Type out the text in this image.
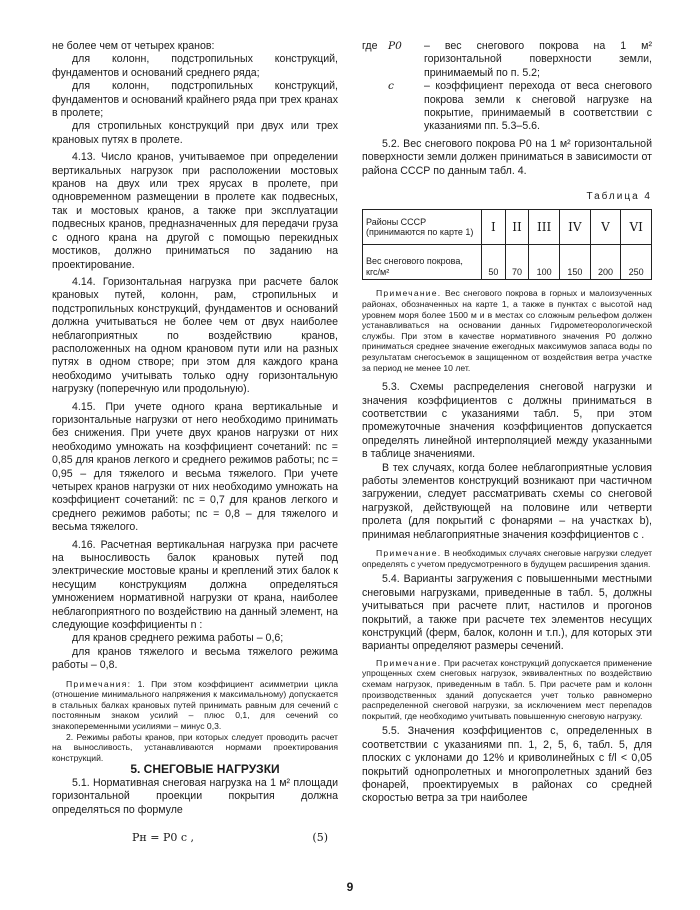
не более чем от четырех кранов:

для колонн, подстропильных конструкций, фундаментов и оснований среднего ряда;

для колонн, подстропильных конструкций, фундаментов и оснований крайнего ряда при трех кранах в пролете;

для стропильных конструкций при двух или трех крановых путях в пролете.

4.13. Число кранов, учитываемое при определении вертикальных нагрузок при расположении мостовых кранов на двух или трех ярусах в пролете, при одновременном размещении в пролете как подвесных, так и мостовых кранов, а также при эксплуатации подвесных кранов, предназначенных для передачи груза с одного крана на другой с помощью перекидных мостиков, должно приниматься по заданию на проектирование.

4.14. Горизонтальная нагрузка при расчете балок крановых путей, колонн, рам, стропильных и подстропильных конструкций, фундаментов и оснований должна учитываться не более чем от двух наиболее неблагоприятных по воздействию кранов, расположенных на одном крановом пути или на разных путях в одном створе; при этом для каждого крана необходимо учитывать только одну горизонтальную нагрузку (поперечную или продольную).

4.15. При учете одного крана вертикальные и горизонтальные нагрузки от него необходимо принимать без снижения. При учете двух кранов нагрузки от них необходимо умножать на коэффициент сочетаний: nc = 0,85 для кранов легкого и среднего режимов работы; nc = 0,95 – для тяжелого и весьма тяжелого. При учете четырех кранов нагрузки от них необходимо умножать на коэффициент сочетаний: nc = 0,7 для кранов легкого и среднего режимов работы; nc = 0,8 – для тяжелого и весьма тяжелого.

4.16. Расчетная вертикальная нагрузка при расчете на выносливость балок крановых путей под электрические мостовые краны и креплений этих балок к несущим конструкциям должна определяться умножением нормативной нагрузки от крана, наиболее неблагоприятного по воздействию на данный элемент, на следующие коэффициенты n :

для кранов среднего режима работы – 0,6;

для кранов тяжелого и весьма тяжелого режима работы – 0,8.

Примечания: 1. При этом коэффициент асимметрии цикла (отношение минимального напряжения к максимальному) допускается в стальных балках крановых путей принимать равным для сечений с постоянным знаком усилий – плюс 0,1, для сечений со знакопеременными усилиями – минус 0,3.

2. Режимы работы кранов, при которых следует проводить расчет на выносливость, устанавливаются нормами проектирования конструкций.

5. СНЕГОВЫЕ НАГРУЗКИ

5.1. Нормативная снеговая нагрузка на 1 м² площади горизонтальной проекции покрытия должна определяться по формуле

Pн = P0 c ,	(5)
где P0	– вес снегового покрова на 1 м² горизонтальной поверхности земли, принимаемый по п. 5.2;
c	– коэффициент перехода от веса снегового покрова земли к снеговой нагрузке на покрытие, принимаемый в соответствии с указаниями пп. 5.3–5.6.

5.2. Вес снегового покрова P0 на 1 м² горизонтальной поверхности земли должен приниматься в зависимости от района СССР по данным табл. 4.

Таблица 4
Районы СССР (принимаются по карте 1)	I	II	III	IV	V	VI
Вес снегового покрова, кгс/м²	50	70	100	150	200	250

Примечание. Вес снегового покрова в горных и малоизученных районах, обозначенных на карте 1, а также в пунктах с высотой над уровнем моря более 1500 м и в местах со сложным рельефом должен устанавливаться на основании данных Гидрометеорологической службы. При этом в качестве нормативного значения P0 должно приниматься среднее значение ежегодных максимумов запаса воды по результатам снегосъемок в защищенном от воздействия ветра участке за период не менее 10 лет.

5.3. Схемы распределения снеговой нагрузки и значения коэффициентов c должны приниматься в соответствии с указаниями табл. 5, при этом промежуточные значения коэффициентов допускается определять линейной интерполяцией между указанными в таблице значениями.

В тех случаях, когда более неблагоприятные условия работы элементов конструкций возникают при частичном загружении, следует рассматривать схемы со снеговой нагрузкой, действующей на половине или четверти пролета (для покрытий с фонарями – на участках b), принимая неблагоприятные значения коэффициентов c .

Примечание. В необходимых случаях снеговые нагрузки следует определять с учетом предусмотренного в будущем расширения здания.

5.4. Варианты загружения с повышенными местными снеговыми нагрузками, приведенные в табл. 5, должны учитываться при расчете плит, настилов и прогонов покрытий, а также при расчете тех элементов несущих конструкций (ферм, балок, колонн и т.п.), для которых эти варианты определяют размеры сечений.

Примечание. При расчетах конструкций допускается применение упрощенных схем снеговых нагрузок, эквивалентных по воздействию схемам нагрузок, приведенным в табл. 5. При расчете рам и колонн производственных зданий допускается учет только равномерно распределенной снеговой нагрузки, за исключением мест перепадов покрытий, где необходимо учитывать повышенную снеговую нагрузку.

5.5. Значения коэффициентов c, определенных в соответствии с указаниями пп. 1, 2, 5, 6, табл. 5, для плоских с уклонами до 12% и криволинейных с f/l < 0,05 покрытий однопролетных и многопролетных зданий без фонарей, проектируемых в районах со средней скоростью ветра за три наиболее

9
